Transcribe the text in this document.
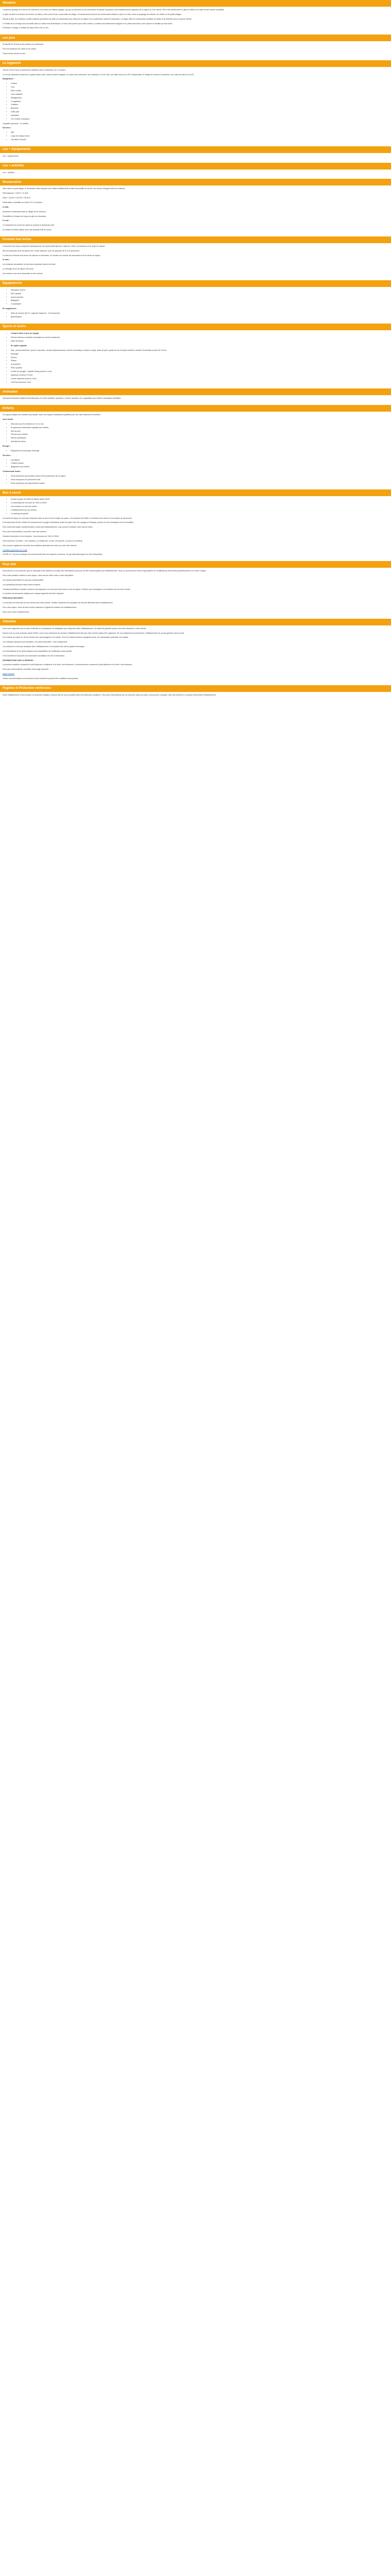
Situation

L'ancienne grange de la ferme de l'Ancienne Cure était une bâtisse typique, qui par sa structure et ses dimensions évoquait l'importance des établissements agricoles de la région au XIXe siècle. Elle a été transformée en gîte au milieu d'un vaste terrain arboré et paisible.

Le gîte est situé en bordure de la forêt, au calme, entre prés et bois, à proximité du village. L'environnement permet de nombreuses balades à pied ou à vélo, dans un paysage de collines, de vallées et de petits villages.

Depuis le gîte, de nombreux sentiers balisés permettent de partir en promenade pour découvrir la région et son patrimoine naturel et historique. La région offre de nombreuses activités de loisirs et de détente tout au long de l'année.

Le Relais de la Grange vous accueille dans un cadre rural authentique, où tout a été pensé pour votre confort. La maison est entièrement équipée et se prête aussi bien à des séjours en famille qu'entre amis.

À Relais le Grange, le Relais de Saint-Pierre est à 2 km.

Les plus

Proximité de la forêt et des sentiers de randonnée

Pour les amateurs de calme et de nature

Grand terrain arboré et clos

Le logement

Gîte de 135 m² pour 10 personnes réparties dans 5 chambres, sur 2 niveaux.

Le rez-de-chaussée comprend un grand séjour avec cuisine ouverte équipée, un salon avec cheminée, une chambre (1 lit de 140), une salle d'eau et un WC indépendant. À l'étage se trouvent 4 chambres, une salle de bains et un WC.

Équipement :

• Cuisine
• Four
• Micro-ondes
• Lave-vaisselle
• Réfrigérateur
• Congélateur
• Cafetière
• Bouilloire
• Grille-pain
• Aspirateur
• Fer et table à repasser

Capacité maximum : 10 adultes

Services :

• Wifi
• Linge de maison fourni
• Lits faits à l'arrivée
Les + équipements

Les + équipements

Les + activités

Les + activités

Restauration

Situé dans un petit village, le restaurant voisin propose une cuisine traditionnelle à base de produits du terroir. Les menus changent selon les saisons.

Petit déjeuner : 9,50 € / 11,50 €

Dîner : 18,00 € / 25,00 € / 35,00 €

Réservation conseillée au moins 24 h à l'avance.

À midi :

Nombreux restaurants dans le village et les environs.

Possibilité de livraison de repas au gîte sur demande.

Le soir :

Le restaurant est ouvert du mardi au samedi, le dimanche midi.

La cuisine est faite maison avec des produits frais et locaux.

Formule tout inclus

La formule tout inclus comprend l'hébergement, les repas (petit-déjeuner, déjeuner, dîner), les boissons et le linge de maison.

Elle est proposée pour les séjours de 2 nuits minimum, pour les groupes de 8 à 10 personnes.

Le tarif de la formule tout inclus est calculé sur demande, en fonction du nombre de personnes et de la durée du séjour.

À noter :

Les boissons alcoolisées ne sont pas comprises dans la formule.

Le ménage de fin de séjour est inclus.

Une caution vous sera demandée à votre arrivée.

Equipements
• Réception 24h/24
• Wi-Fi gratuit
• Accès sécurisé
• Bagagerie
• Conciergerie

En supplément :

• Salle de réunion (30 m², capacité maximum : 24 personnes)
• Blanchisserie
Sports et loisirs
• Compris dans le prix du voyage
• Piscine intérieure chauffée accessible du lundi au dimanche
• Salle de fitness
• En option payante
• Spa : piscine intérieure, jacuzzi, hammam, douche hydromassante, douche aromatique, douche à neige, salle de sport, grotte de sel et bassin extérieur chauffé. Accessible à partir de 16 ans.
• Massage
• Piscine
• Pilates
• À proximité :
• Piste cyclable
• Centre de plongée : Aquatic Diving (environ 1 km)
• Aquarium (environ 2,5 km)
• Centre équestre (environ 3 km)
• Golf Club (environ 4 km)
Animation

Quelques animations légères internationales en soirée (cabaret, spectacle, concert, karaoké, etc.) organisées par l'hôtel et animations familiales

Enfants

Un espace adapté aux enfants est proposé, avec une équipe d'animateurs qualifiés pour leur faire découvrir le territoire.

Avec l'hôtel :

• Mini-club pour les enfants de 4 à 12 ans
• Programmes d'animation adaptés aux enfants
• Aire de jeux
• Piscine pour enfants
• Menus spécifiques
• Activités de loisirs

Énergie :

• Équipement économique d'énergie

Services :

• Lits pliants
• Chaises hautes
• Baignoires pour bébés

Communauté locale :

• Nous favorisons les produits locaux et les producteurs de la région
• Nous employons du personnel local
• Nous soutenons des associations locales
Bon à savoir
• Arrivée à partir de 15h00 et départ avant 11h00
• Le petit-déjeuner est servi de 7h00 à 10h30
• Les animaux ne sont pas admis
• L'établissement est non-fumeur
• Le parking est gratuit

Les taxes de séjour ne sont pas comprises dans le prix et sont à régler sur place, à la réception de l'hôtel, en fonction de la durée et du nombre de personnes.

Il est important de bien vérifier les documents de voyage nécessaires avant de partir. Pour les voyages à l'étranger, pensez à vous renseigner sur les formalités.

Pour toute information complémentaire concernant l'établissement, vous pouvez contacter notre service client.

Pour plus d'informations, consultez notre site internet.

Horaires d'ouverture de la réception : tous les jours de 7h00 à 23h00.

Vous trouverez sur place : une réception, un restaurant, un bar, une piscine, un spa et un parking.

Vous pouvez également consulter les conditions générales de vente sur notre site internet.

conditions générales de vente

COVID-19 : le port du masque est recommandé dans les espaces communs. Du gel hydroalcoolique est mis à disposition.

Pour info

Nous tenons à vous informer que ce descriptif a été réalisé sur la base des informations qui nous ont été communiquées par l'établissement. Nous ne pouvons être tenus responsables de modifications intervenues postérieurement à la mise en ligne.

Pour toute question relative à votre séjour, notre service client reste à votre disposition.

Les photos présentées ne sont pas contractuelles.

Les prestations peuvent varier selon la saison.

Certaines activités et certains services sont payants et ne sont pas inclus dans le prix du séjour. Veuillez vous renseigner à la réception lors de votre arrivée.

Le nombre de personnes indiqué pour chaque logement doit être respecté.

PRÉCISION SÉCURITÉ :

La sécurité et le bien-être de nos clients sont notre priorité. Veuillez respecter les consignes de sécurité affichées dans l'établissement.

Pour votre séjour, merci de bien vouloir respecter le règlement intérieur de l'établissement.

Merci pour votre compréhension.

Attention

Nous vous rappelons que la carte d'identité ou le passeport est obligatoire pour séjourner dans l'établissement. Un dépôt de garantie pourra vous être demandé à votre arrivée.

Dans le cas où vous arriveriez après 20h00, nous vous remercions de prévenir l'établissement afin que votre arrivée puisse être organisée. En cas d'absence de prévenance, l'établissement ne pourra garantir votre accueil.

Les enfants de moins de 18 ans doivent être accompagnés d'un adulte. Pour les enfants mineurs voyageant seuls, une autorisation parentale est requise.

Les chèques vacances sont acceptés. Les cartes bancaires : Visa, Mastercard.

Les animaux ne sont pas acceptés dans l'établissement, à l'exception des chiens guides d'aveugles.

Les informations et les tarifs indiqués sont susceptibles de modification sans préavis.

Il est conseillé de souscrire une assurance annulation lors de la réservation.

INFORMATIONS SUR LA PENSION :

La pension complète comprend le petit-déjeuner, le déjeuner et le dîner, hors boissons. La demi-pension comprend le petit-déjeuner et le dîner, hors boissons.

Pour plus d'informations, consultez notre page d'accueil.

page d'accueil

Toutes nos informations sont données à titre indicatif et peuvent être modifiées sans préavis.

Hygiène et Protection renforcées

Notre établissement a mis en place un protocole sanitaire renforcé afin de vous accueillir dans les meilleures conditions. Pour plus d'informations sur les mesures mises en place, vous pouvez consulter notre site internet ou contacter directement l'établissement.
